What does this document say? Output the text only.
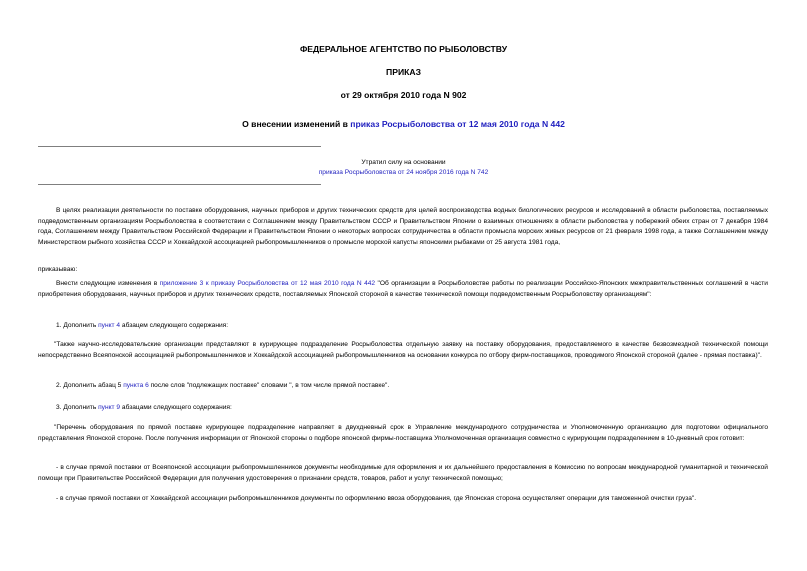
ФЕДЕРАЛЬНОЕ АГЕНТСТВО ПО РЫБОЛОВСТВУ
ПРИКАЗ
от 29 октября 2010 года N 902
О внесении изменений в приказ Росрыболовства от 12 мая 2010 года N 442
Утратил силу на основании
приказа Росрыболовства от 24 ноября 2016 года N 742
В целях реализации деятельности по поставке оборудования, научных приборов и других технических средств для целей воспроизводства водных биологических ресурсов и исследований в области рыболовства, поставляемых подведомственным организациям Росрыболовства в соответствии с Соглашением между Правительством СССР и Правительством Японии о взаимных отношениях в области рыболовства у побережий обеих стран от 7 декабря 1984 года, Соглашением между Правительством Российской Федерации и Правительством Японии о некоторых вопросах сотрудничества в области промысла морских живых ресурсов от 21 февраля 1998 года, а также Соглашением между Министерством рыбного хозяйства СССР и Хоккайдской ассоциацией рыбопромышленников о промысле морской капусты японскими рыбаками от 25 августа 1981 года,
приказываю:
Внести следующие изменения в приложение 3 к приказу Росрыболовства от 12 мая 2010 года N 442 "Об организации в Росрыболовстве работы по реализации Российско-Японских межправительственных соглашений в части приобретения оборудования, научных приборов и других технических средств, поставляемых Японской стороной в качестве технической помощи подведомственным Росрыболовству организациям":
1. Дополнить пункт 4 абзацем следующего содержания:
"Также научно-исследовательские организации представляют в курирующее подразделение Росрыболовства отдельную заявку на поставку оборудования, предоставляемого в качестве безвозмездной технической помощи непосредственно Всеяпонской ассоциацией рыбопромышленников и Хоккайдской ассоциацией рыбопромышленников на основании конкурса по отбору фирм-поставщиков, проводимого Японской стороной (далее - прямая поставка)".
2. Дополнить абзац 5 пункта 6 после слов "подлежащих поставке" словами ", в том числе прямой поставке".
3. Дополнить пункт 9 абзацами следующего содержания:
"Перечень оборудования по прямой поставке курирующее подразделение направляет в двухдневный срок в Управление международного сотрудничества и Уполномоченную организацию для подготовки официального представления Японской стороне. После получения информации от Японской стороны о подборе японской фирмы-поставщика Уполномоченная организация совместно с курирующим подразделением в 10-дневный срок готовит:
- в случае прямой поставки от Всеяпонской ассоциации рыбопромышленников документы необходимые для оформления и их дальнейшего предоставления в Комиссию по вопросам международной гуманитарной и технической помощи при Правительстве Российской Федерации для получения удостоверения о признании средств, товаров, работ и услуг технической помощью;
- в случае прямой поставки от Хоккайдской ассоциации рыбопромышленников документы по оформлению ввоза оборудования, где Японская сторона осуществляет операции для таможенной очистки груза".
